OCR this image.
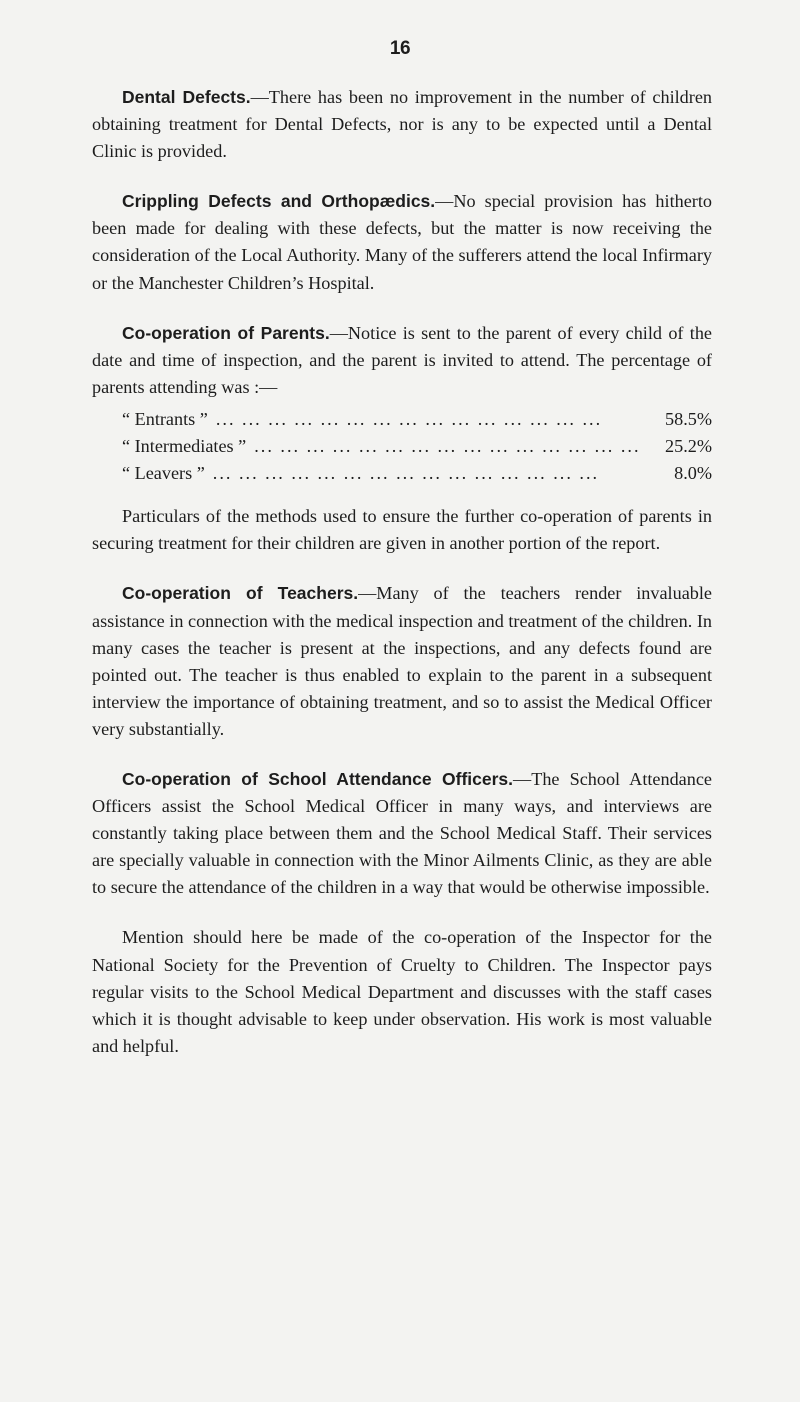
16

Dental Defects.—There has been no improvement in the number of children obtaining treatment for Dental Defects, nor is any to be expected until a Dental Clinic is provided.

Crippling Defects and Orthopædics.—No special provision has hitherto been made for dealing with these defects, but the matter is now receiving the consideration of the Local Authority. Many of the sufferers attend the local Infirmary or the Manchester Children’s Hospital.

Co-operation of Parents.—Notice is sent to the parent of every child of the date and time of inspection, and the parent is invited to attend. The percentage of parents attending was :—

“ Entrants ” ... .	58.5%
“ Intermediates ” ... .	25.2%
“ Leavers ” ... .	8.0%

Particulars of the methods used to ensure the further co-operation of parents in securing treatment for their children are given in another portion of the report.

Co-operation of Teachers.—Many of the teachers render invaluable assistance in connection with the medical inspection and treatment of the children. In many cases the teacher is present at the inspections, and any defects found are pointed out. The teacher is thus enabled to explain to the parent in a subsequent interview the importance of obtaining treatment, and so to assist the Medical Officer very substantially.

Co-operation of School Attendance Officers.—The School Attendance Officers assist the School Medical Officer in many ways, and interviews are constantly taking place between them and the School Medical Staff. Their services are specially valuable in connection with the Minor Ailments Clinic, as they are able to secure the attendance of the children in a way that would be otherwise impossible.

Mention should here be made of the co-operation of the Inspector for the National Society for the Prevention of Cruelty to Children. The Inspector pays regular visits to the School Medical Department and discusses with the staff cases which it is thought advisable to keep under observation. His work is most valuable and helpful.
